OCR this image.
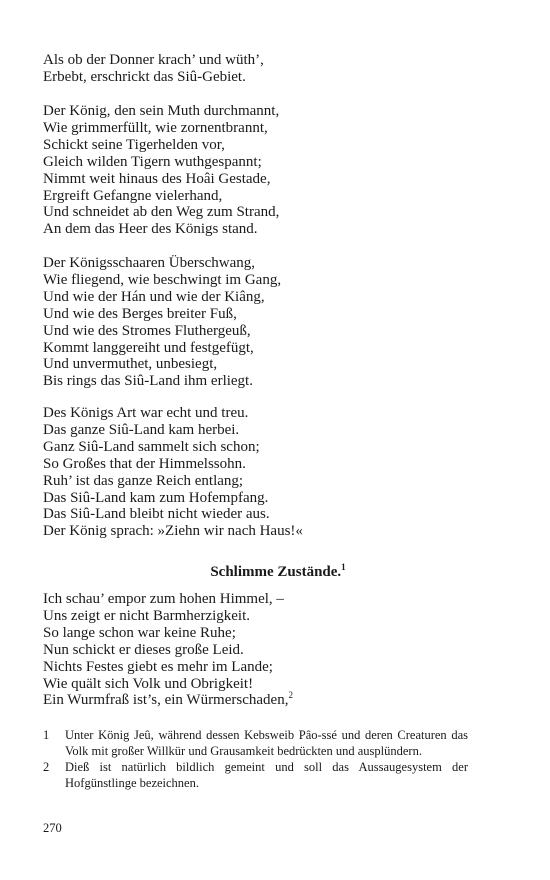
Als ob der Donner krach’ und wüth’,
Erbebt, erschrickt das Siû-Gebiet.
Der König, den sein Muth durchmannt,
Wie grimmerfüllt, wie zornentbrannt,
Schickt seine Tigerhelden vor,
Gleich wilden Tigern wuthgespannt;
Nimmt weit hinaus des Hoâi Gestade,
Ergreift Gefangne vielerhand,
Und schneidet ab den Weg zum Strand,
An dem das Heer des Königs stand.
Der Königsschaaren Überschwang,
Wie fliegend, wie beschwingt im Gang,
Und wie der Hán und wie der Kiâng,
Und wie des Berges breiter Fuß,
Und wie des Stromes Fluthergeuß,
Kommt langgereiht und festgefügt,
Und unvermuthet, unbesiegt,
Bis rings das Siû-Land ihm erliegt.
Des Königs Art war echt und treu.
Das ganze Siû-Land kam herbei.
Ganz Siû-Land sammelt sich schon;
So Großes that der Himmelssohn.
Ruh’ ist das ganze Reich entlang;
Das Siû-Land kam zum Hofempfang.
Das Siû-Land bleibt nicht wieder aus.
Der König sprach: »Ziehn wir nach Haus!«
Schlimme Zustände.$^1$
Ich schau’ empor zum hohen Himmel, –
Uns zeigt er nicht Barmherzigkeit.
So lange schon war keine Ruhe;
Nun schickt er dieses große Leid.
Nichts Festes giebt es mehr im Lande;
Wie quält sich Volk und Obrigkeit!
Ein Wurmfraß ist’s, ein Würmerschaden,$^2$
1	Unter König Jeû, während dessen Kebsweib Pâo-ssé und deren Creaturen das Volk mit großer Willkür und Grausamkeit bedrückten und ausplündern.
2	Dieß ist natürlich bildlich gemeint und soll das Aussaugesystem der Hofgünstlinge bezeichnen.
270
